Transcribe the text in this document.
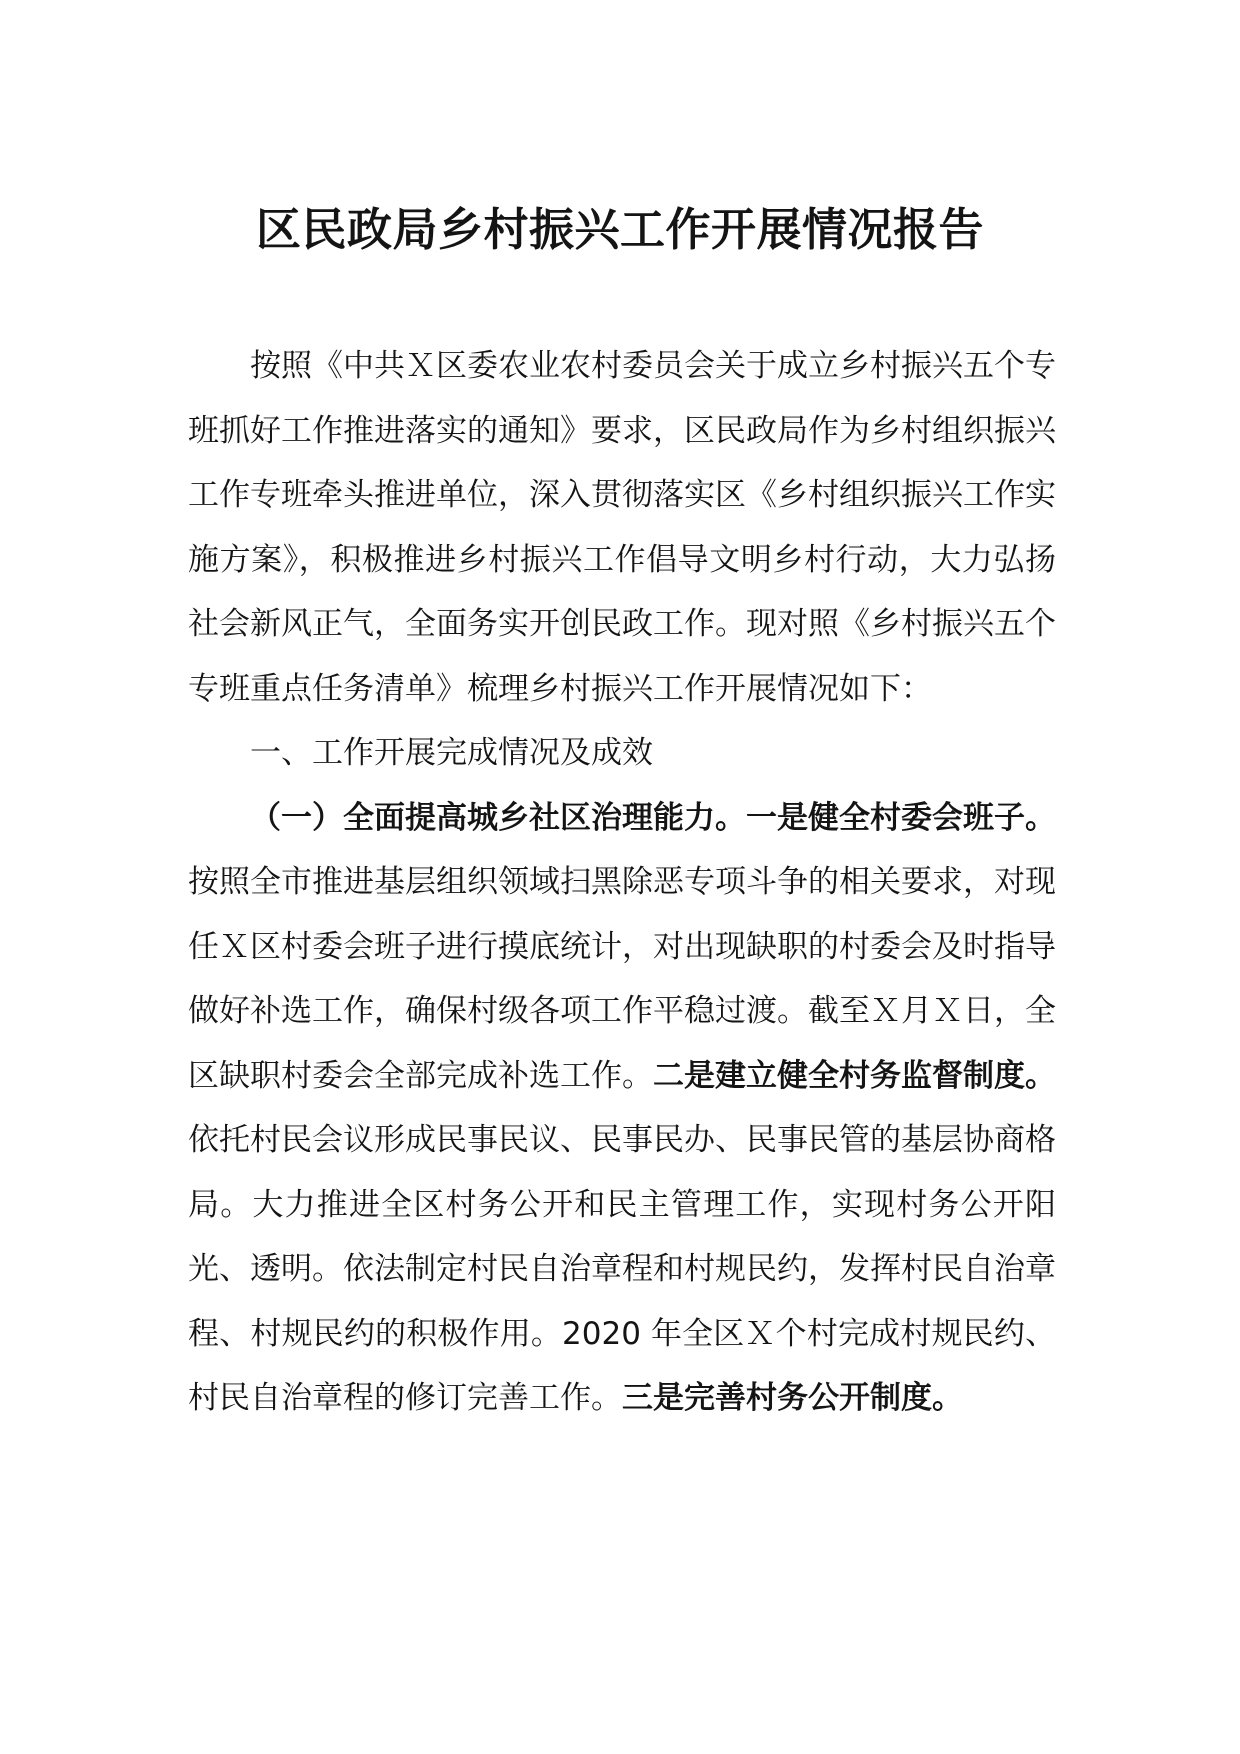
区民政局乡村振兴工作开展情况报告

按照《中共Ｘ区委农业农村委员会关于成立乡村振兴五个专班抓好工作推进落实的通知》要求，区民政局作为乡村组织振兴工作专班牵头推进单位，深入贯彻落实区《乡村组织振兴工作实施方案》，积极推进乡村振兴工作倡导文明乡村行动，大力弘扬社会新风正气，全面务实开创民政工作。现对照《乡村振兴五个专班重点任务清单》梳理乡村振兴工作开展情况如下：

一、工作开展完成情况及成效

（一）全面提高城乡社区治理能力。一是健全村委会班子。按照全市推进基层组织领域扫黑除恶专项斗争的相关要求，对现任Ｘ区村委会班子进行摸底统计，对出现缺职的村委会及时指导做好补选工作，确保村级各项工作平稳过渡。截至Ｘ月Ｘ日，全区缺职村委会全部完成补选工作。二是建立健全村务监督制度。依托村民会议形成民事民议、民事民办、民事民管的基层协商格局。大力推进全区村务公开和民主管理工作，实现村务公开阳光、透明。依法制定村民自治章程和村规民约，发挥村民自治章程、村规民约的积极作用。2020 年全区Ｘ个村完成村规民约、村民自治章程的修订完善工作。三是完善村务公开制度。
